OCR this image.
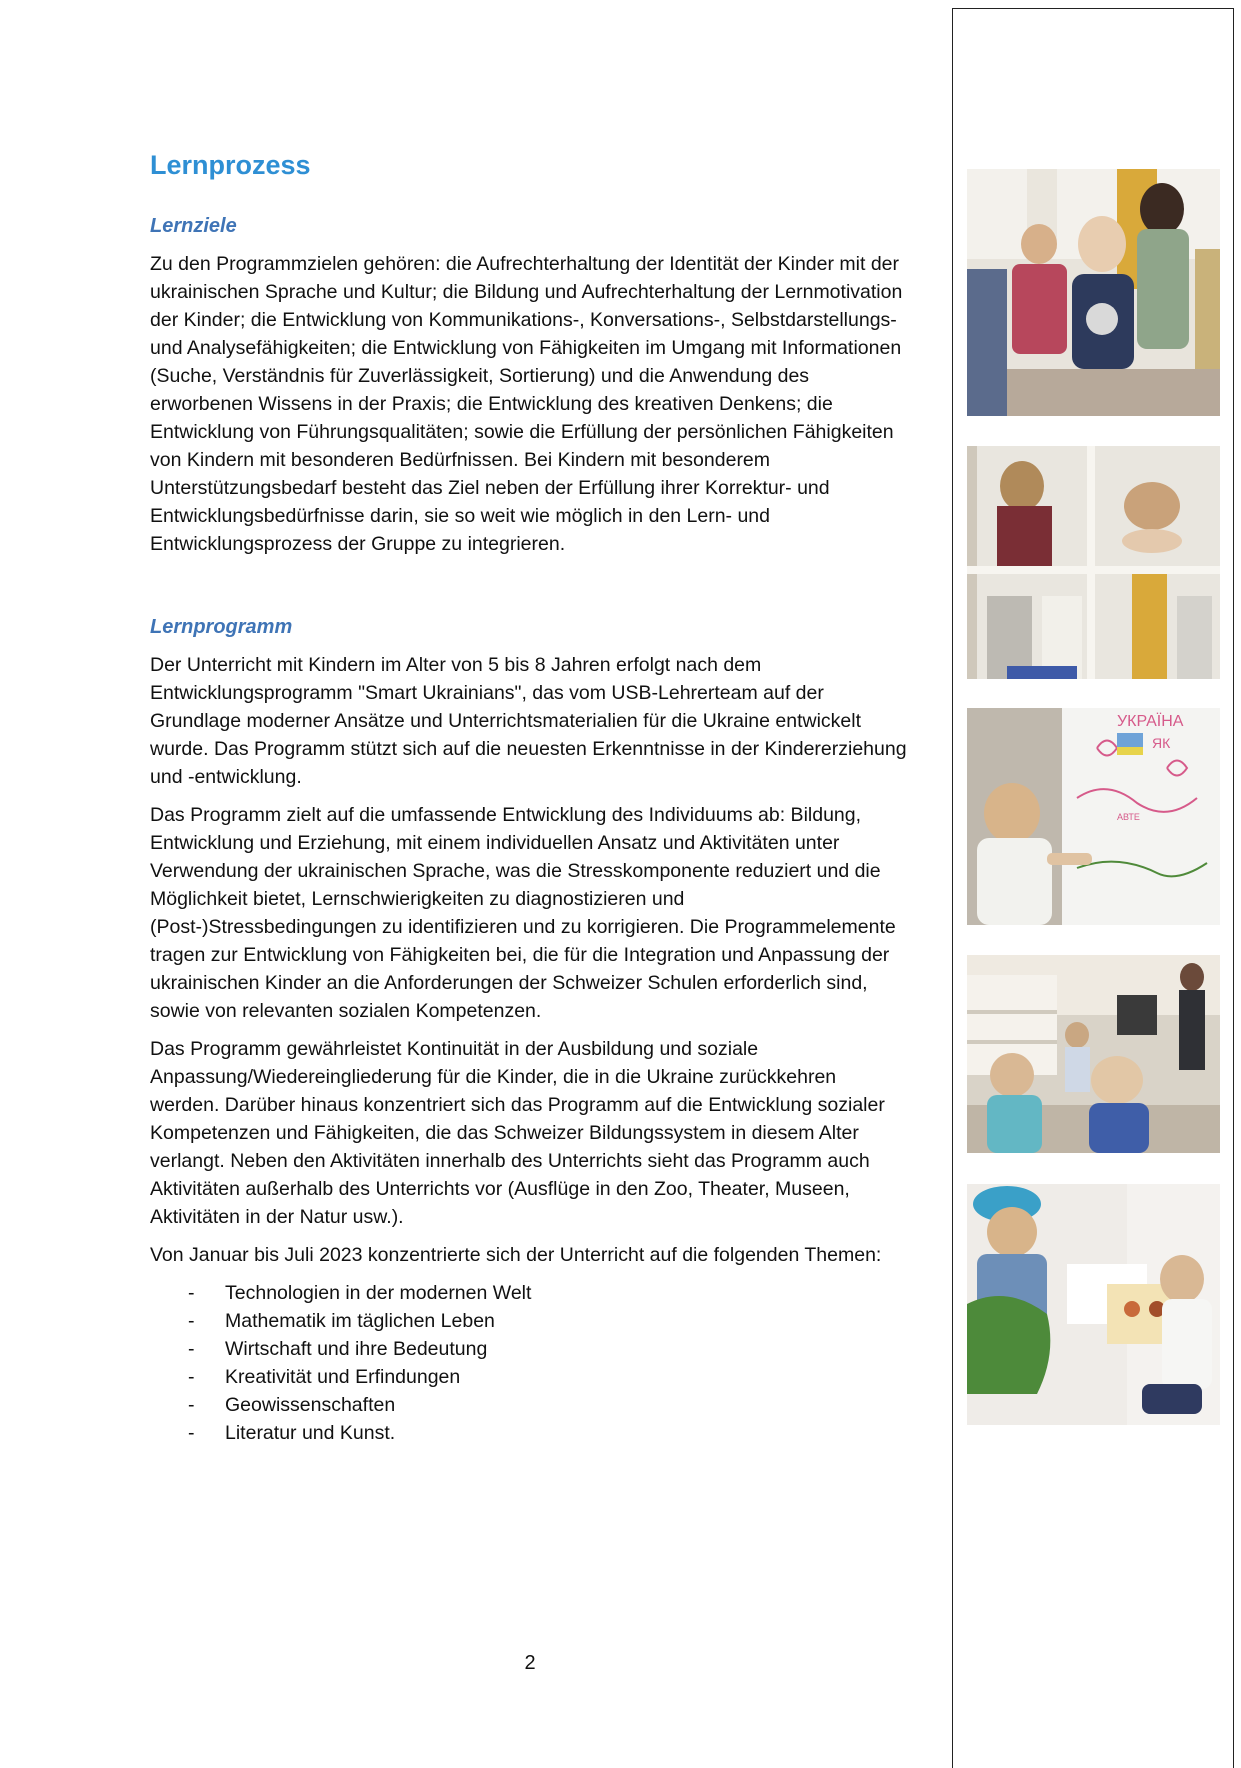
Lernprozess
Lernziele
Zu den Programmzielen gehören: die Aufrechterhaltung der Identität der Kinder mit der ukrainischen Sprache und Kultur; die Bildung und Aufrechterhaltung der Lernmotivation der Kinder; die Entwicklung von Kommunikations-, Konversations-, Selbstdarstellungs- und Analysefähigkeiten; die Entwicklung von Fähigkeiten im Umgang mit Informationen (Suche, Verständnis für Zuverlässigkeit, Sortierung) und die Anwendung des erworbenen Wissens in der Praxis; die Entwicklung des kreativen Denkens; die Entwicklung von Führungsqualitäten; sowie die Erfüllung der persönlichen Fähigkeiten von Kindern mit besonderen Bedürfnissen. Bei Kindern mit besonderem Unterstützungsbedarf besteht das Ziel neben der Erfüllung ihrer Korrektur- und Entwicklungsbedürfnisse darin, sie so weit wie möglich in den Lern- und Entwicklungsprozess der Gruppe zu integrieren.
Lernprogramm
Der Unterricht mit Kindern im Alter von 5 bis 8 Jahren erfolgt nach dem Entwicklungsprogramm "Smart Ukrainians", das vom USB-Lehrerteam auf der Grundlage moderner Ansätze und Unterrichtsmaterialien für die Ukraine entwickelt wurde. Das Programm stützt sich auf die neuesten Erkenntnisse in der Kindererziehung und -entwicklung.
Das Programm zielt auf die umfassende Entwicklung des Individuums ab: Bildung, Entwicklung und Erziehung, mit einem individuellen Ansatz und Aktivitäten unter Verwendung der ukrainischen Sprache, was die Stresskomponente reduziert und die Möglichkeit bietet, Lernschwierigkeiten zu diagnostizieren und (Post-)Stressbedingungen zu identifizieren und zu korrigieren. Die Programmelemente tragen zur Entwicklung von Fähigkeiten bei, die für die Integration und Anpassung der ukrainischen Kinder an die Anforderungen der Schweizer Schulen erforderlich sind, sowie von relevanten sozialen Kompetenzen.
Das Programm gewährleistet Kontinuität in der Ausbildung und soziale Anpassung/Wiedereingliederung für die Kinder, die in die Ukraine zurückkehren werden. Darüber hinaus konzentriert sich das Programm auf die Entwicklung sozialer Kompetenzen und Fähigkeiten, die das Schweizer Bildungssystem in diesem Alter verlangt. Neben den Aktivitäten innerhalb des Unterrichts sieht das Programm auch Aktivitäten außerhalb des Unterrichts vor (Ausflüge in den Zoo, Theater, Museen, Aktivitäten in der Natur usw.).
Von Januar bis Juli 2023 konzentrierte sich der Unterricht auf die folgenden Themen:
-	Technologien in der modernen Welt
-	Mathematik im täglichen Leben
-	Wirtschaft und ihre Bedeutung
-	Kreativität und Erfindungen
-	Geowissenschaften
-	Literatur und Kunst.
2
УКРАЇНА
ЯК
АВТЕ
